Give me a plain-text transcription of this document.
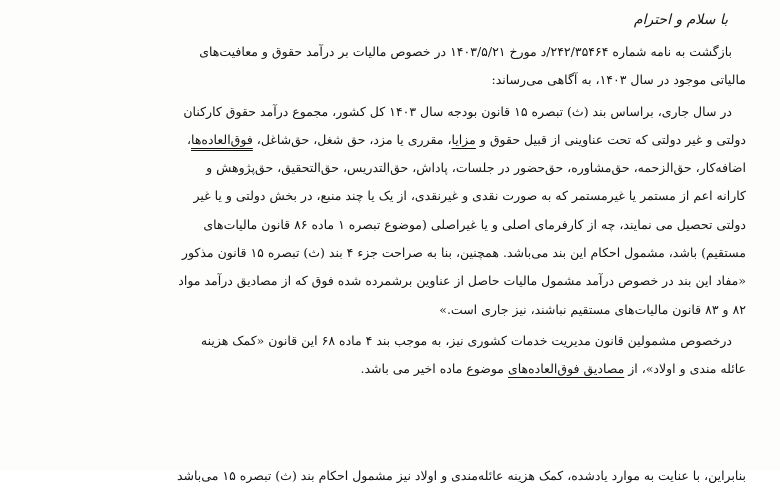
با سلام و احترام

بازگشت به نامه شماره ۲۴۲/۳۵۴۶۴/د مورخ ۱۴۰۳/۵/۲۱ در خصوص مالیات بر درآمد حقوق و معافیت‌های
مالیاتی موجود در سال ۱۴۰۳، به آگاهی می‌رساند:

در سال جاری، براساس بند (ث) تبصره ۱۵ قانون بودجه سال ۱۴۰۳ کل کشور، مجموع درآمد حقوق کارکنان
دولتی و غیر دولتی که تحت عناوینی از قبیل حقوق و مزایا، مقرری یا مزد، حق شغل، حق‌شاغل، فوق‌العاده‌ها،
اضافه‌کار، حق‌الزحمه، حق‌مشاوره، حق‌حضور در جلسات، پاداش، حق‌التدریس، حق‌التحقیق، حق‌پژوهش و
کارانه اعم از مستمر یا غیرمستمر که به صورت نقدی و غیرنقدی، از یک یا چند منبع، در بخش دولتی و یا غیر
دولتی تحصیل می نمایند، چه از کارفرمای اصلی و یا غیراصلی (موضوع تبصره ۱ ماده ۸۶ قانون مالیات‌های
مستقیم) باشد، مشمول احکام این بند می‌باشد. همچنین، بنا به صراحت جزء ۴ بند (ث) تبصره ۱۵ قانون مذکور
«مفاد این بند در خصوص درآمد مشمول مالیات حاصل از عناوین برشمرده شده فوق که از مصادیق درآمد مواد
۸۲ و ۸۳ قانون مالیات‌های مستقیم نباشند، نیز جاری است.»

درخصوص مشمولین قانون مدیریت خدمات کشوری نیز، به موجب بند ۴ ماده ۶۸ این قانون «کمک هزینه
عائله مندی و اولاد»، از مصادیق فوق‌العاده‌های موضوع ماده اخیر می باشد.

بنابراین، با عنایت به موارد یادشده، کمک هزینه عائله‌مندی و اولاد نیز مشمول احکام بند (ث) تبصره ۱۵ می‌باشد
